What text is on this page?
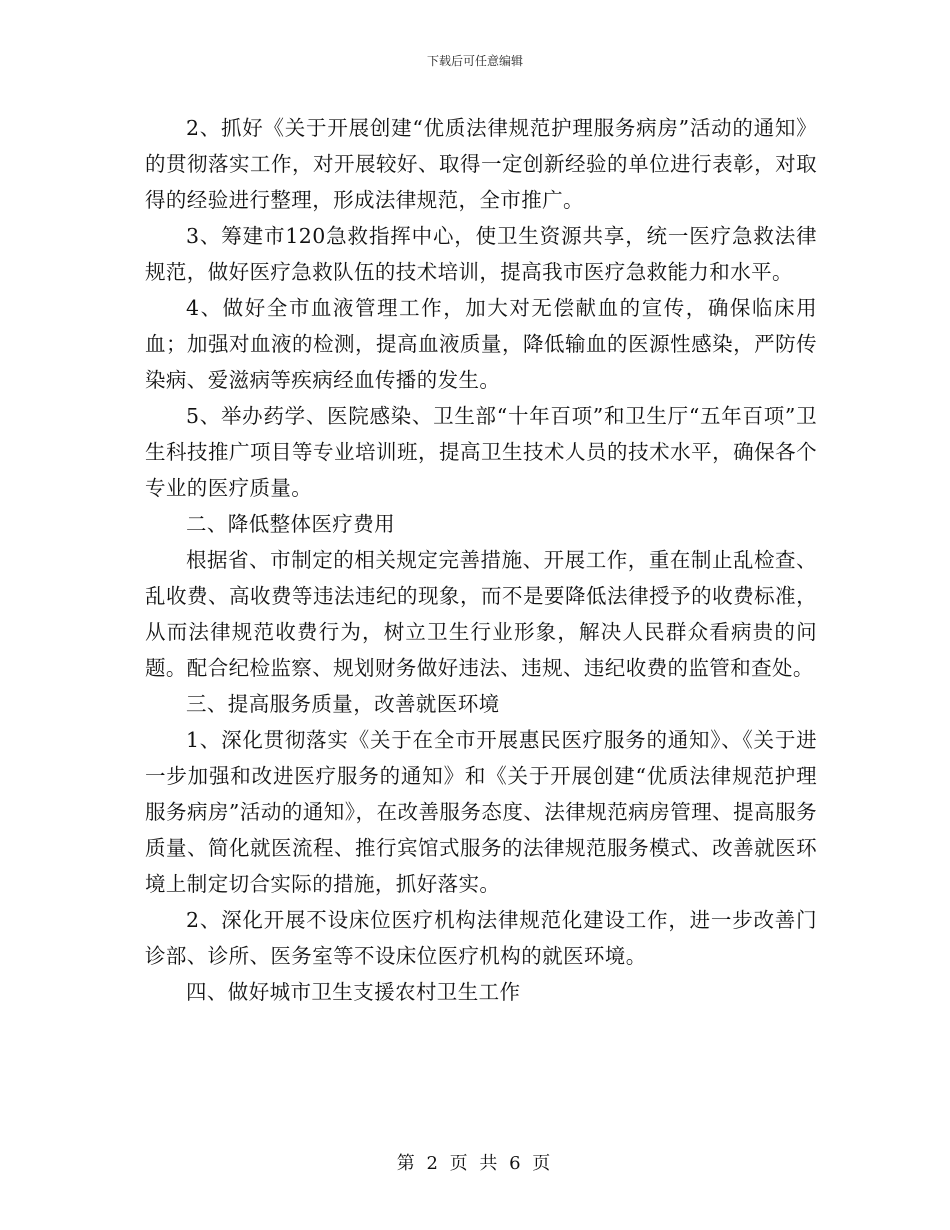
下载后可任意编辑

2、抓好《关于开展创建“优质法律规范护理服务病房”活动的通知》的贯彻落实工作，对开展较好、取得一定创新经验的单位进行表彰，对取得的经验进行整理，形成法律规范，全市推广。

3、筹建市120急救指挥中心，使卫生资源共享，统一医疗急救法律规范，做好医疗急救队伍的技术培训，提高我市医疗急救能力和水平。

4、做好全市血液管理工作，加大对无偿献血的宣传，确保临床用血；加强对血液的检测，提高血液质量，降低输血的医源性感染，严防传染病、爱滋病等疾病经血传播的发生。

5、举办药学、医院感染、卫生部“十年百项”和卫生厅“五年百项”卫生科技推广项目等专业培训班，提高卫生技术人员的技术水平，确保各个专业的医疗质量。

二、降低整体医疗费用

根据省、市制定的相关规定完善措施、开展工作，重在制止乱检查、乱收费、高收费等违法违纪的现象，而不是要降低法律授予的收费标准，从而法律规范收费行为，树立卫生行业形象，解决人民群众看病贵的问题。配合纪检监察、规划财务做好违法、违规、违纪收费的监管和查处。

三、提高服务质量，改善就医环境

1、深化贯彻落实《关于在全市开展惠民医疗服务的通知》、《关于进一步加强和改进医疗服务的通知》和《关于开展创建“优质法律规范护理服务病房”活动的通知》，在改善服务态度、法律规范病房管理、提高服务质量、简化就医流程、推行宾馆式服务的法律规范服务模式、改善就医环境上制定切合实际的措施，抓好落实。

2、深化开展不设床位医疗机构法律规范化建设工作，进一步改善门诊部、诊所、医务室等不设床位医疗机构的就医环境。

四、做好城市卫生支援农村卫生工作

第 2 页 共 6 页
